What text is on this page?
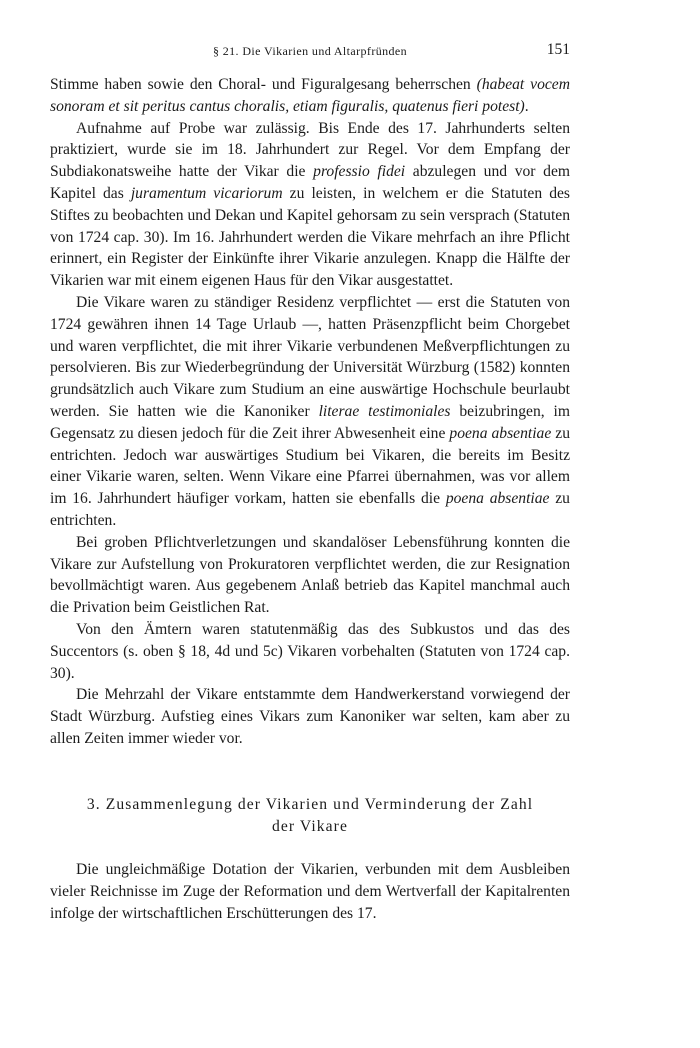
§ 21. Die Vikarien und Altarpfründen	151

Stimme haben sowie den Choral- und Figuralgesang beherrschen (habeat vocem sonoram et sit peritus cantus choralis, etiam figuralis, quatenus fieri potest).

Aufnahme auf Probe war zulässig. Bis Ende des 17. Jahrhunderts selten praktiziert, wurde sie im 18. Jahrhundert zur Regel. Vor dem Empfang der Subdiakonatsweihe hatte der Vikar die professio fidei abzulegen und vor dem Kapitel das juramentum vicariorum zu leisten, in welchem er die Statuten des Stiftes zu beobachten und Dekan und Kapitel gehorsam zu sein versprach (Statuten von 1724 cap. 30). Im 16. Jahrhundert werden die Vikare mehrfach an ihre Pflicht erinnert, ein Register der Einkünfte ihrer Vikarie anzulegen. Knapp die Hälfte der Vikarien war mit einem eigenen Haus für den Vikar ausgestattet.

Die Vikare waren zu ständiger Residenz verpflichtet — erst die Statuten von 1724 gewähren ihnen 14 Tage Urlaub —, hatten Präsenzpflicht beim Chorgebet und waren verpflichtet, die mit ihrer Vikarie verbundenen Meßverpflichtungen zu persolvieren. Bis zur Wiederbegründung der Universität Würzburg (1582) konnten grundsätzlich auch Vikare zum Studium an eine auswärtige Hochschule beurlaubt werden. Sie hatten wie die Kanoniker literae testimoniales beizubringen, im Gegensatz zu diesen jedoch für die Zeit ihrer Abwesenheit eine poena absentiae zu entrichten. Jedoch war auswärtiges Studium bei Vikaren, die bereits im Besitz einer Vikarie waren, selten. Wenn Vikare eine Pfarrei übernahmen, was vor allem im 16. Jahrhundert häufiger vorkam, hatten sie ebenfalls die poena absentiae zu entrichten.

Bei groben Pflichtverletzungen und skandalöser Lebensführung konnten die Vikare zur Aufstellung von Prokuratoren verpflichtet werden, die zur Resignation bevollmächtigt waren. Aus gegebenem Anlaß betrieb das Kapitel manchmal auch die Privation beim Geistlichen Rat.

Von den Ämtern waren statutenmäßig das des Subkustos und das des Succentors (s. oben § 18, 4d und 5c) Vikaren vorbehalten (Statuten von 1724 cap. 30).

Die Mehrzahl der Vikare entstammte dem Handwerkerstand vorwiegend der Stadt Würzburg. Aufstieg eines Vikars zum Kanoniker war selten, kam aber zu allen Zeiten immer wieder vor.

3. Zusammenlegung der Vikarien und Verminderung der Zahl
der Vikare

Die ungleichmäßige Dotation der Vikarien, verbunden mit dem Ausbleiben vieler Reichnisse im Zuge der Reformation und dem Wertverfall der Kapitalrenten infolge der wirtschaftlichen Erschütterungen des 17.
